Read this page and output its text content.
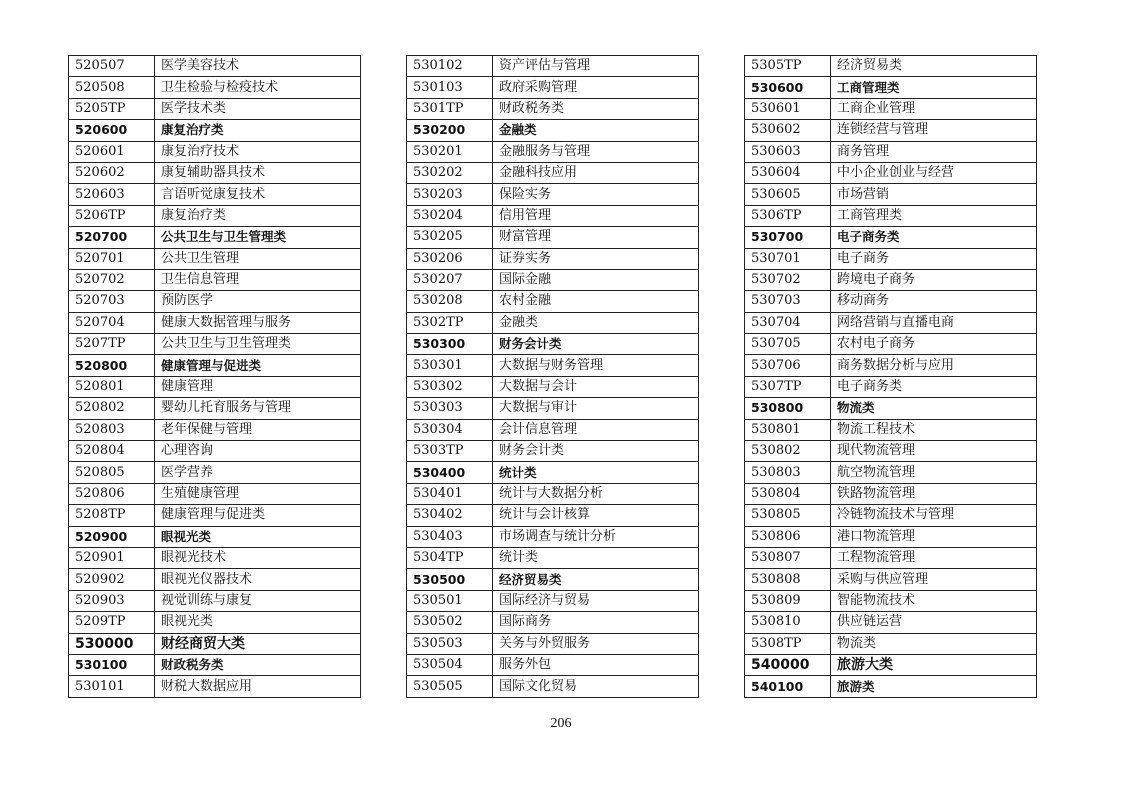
520507	医学美容技术
520508	卫生检验与检疫技术
5205TP	医学技术类
520600	康复治疗类
520601	康复治疗技术
520602	康复辅助器具技术
520603	言语听觉康复技术
5206TP	康复治疗类
520700	公共卫生与卫生管理类
520701	公共卫生管理
520702	卫生信息管理
520703	预防医学
520704	健康大数据管理与服务
5207TP	公共卫生与卫生管理类
520800	健康管理与促进类
520801	健康管理
520802	婴幼儿托育服务与管理
520803	老年保健与管理
520804	心理咨询
520805	医学营养
520806	生殖健康管理
5208TP	健康管理与促进类
520900	眼视光类
520901	眼视光技术
520902	眼视光仪器技术
520903	视觉训练与康复
5209TP	眼视光类
530000	财经商贸大类
530100	财政税务类
530101	财税大数据应用
530102	资产评估与管理
530103	政府采购管理
5301TP	财政税务类
530200	金融类
530201	金融服务与管理
530202	金融科技应用
530203	保险实务
530204	信用管理
530205	财富管理
530206	证券实务
530207	国际金融
530208	农村金融
5302TP	金融类
530300	财务会计类
530301	大数据与财务管理
530302	大数据与会计
530303	大数据与审计
530304	会计信息管理
5303TP	财务会计类
530400	统计类
530401	统计与大数据分析
530402	统计与会计核算
530403	市场调查与统计分析
5304TP	统计类
530500	经济贸易类
530501	国际经济与贸易
530502	国际商务
530503	关务与外贸服务
530504	服务外包
530505	国际文化贸易
5305TP	经济贸易类
530600	工商管理类
530601	工商企业管理
530602	连锁经营与管理
530603	商务管理
530604	中小企业创业与经营
530605	市场营销
5306TP	工商管理类
530700	电子商务类
530701	电子商务
530702	跨境电子商务
530703	移动商务
530704	网络营销与直播电商
530705	农村电子商务
530706	商务数据分析与应用
5307TP	电子商务类
530800	物流类
530801	物流工程技术
530802	现代物流管理
530803	航空物流管理
530804	铁路物流管理
530805	冷链物流技术与管理
530806	港口物流管理
530807	工程物流管理
530808	采购与供应管理
530809	智能物流技术
530810	供应链运营
5308TP	物流类
540000	旅游大类
540100	旅游类
206
